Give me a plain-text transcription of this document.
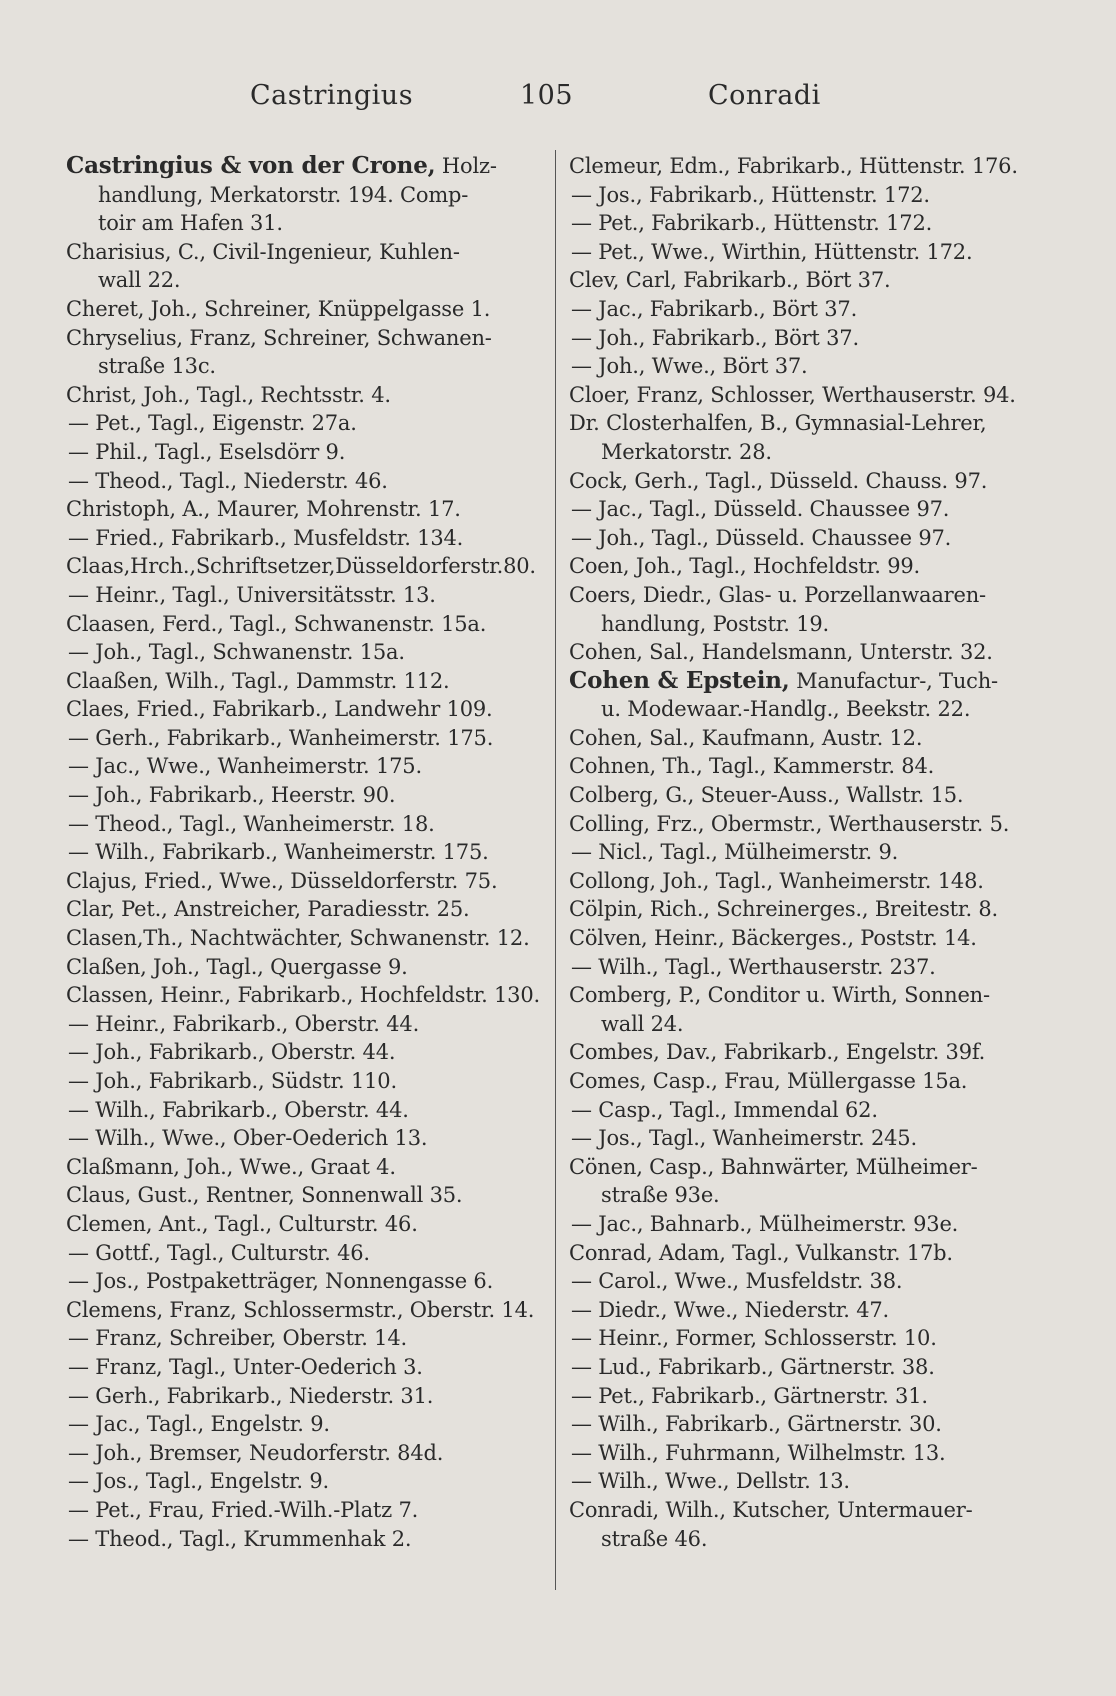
Castringius	105	Conradi
Castringius & von der Crone, Holz-
handlung, Merkatorstr. 194. Comp-
toir am Hafen 31.
Charisius, C., Civil-Ingenieur, Kuhlen-
wall 22.
Cheret, Joh., Schreiner, Knüppelgasse 1.
Chryselius, Franz, Schreiner, Schwanen-
straße 13c.
Christ, Joh., Tagl., Rechtsstr. 4.
— Pet., Tagl., Eigenstr. 27a.
— Phil., Tagl., Eselsdörr 9.
— Theod., Tagl., Niederstr. 46.
Christoph, A., Maurer, Mohrenstr. 17.
— Fried., Fabrikarb., Musfeldstr. 134.
Claas,Hrch.,Schriftsetzer,Düsseldorferstr.80.
— Heinr., Tagl., Universitätsstr. 13.
Claasen, Ferd., Tagl., Schwanenstr. 15a.
— Joh., Tagl., Schwanenstr. 15a.
Claaßen, Wilh., Tagl., Dammstr. 112.
Claes, Fried., Fabrikarb., Landwehr 109.
— Gerh., Fabrikarb., Wanheimerstr. 175.
— Jac., Wwe., Wanheimerstr. 175.
— Joh., Fabrikarb., Heerstr. 90.
— Theod., Tagl., Wanheimerstr. 18.
— Wilh., Fabrikarb., Wanheimerstr. 175.
Clajus, Fried., Wwe., Düsseldorferstr. 75.
Clar, Pet., Anstreicher, Paradiesstr. 25.
Clasen,Th., Nachtwächter, Schwanenstr. 12.
Claßen, Joh., Tagl., Quergasse 9.
Classen, Heinr., Fabrikarb., Hochfeldstr. 130.
— Heinr., Fabrikarb., Oberstr. 44.
— Joh., Fabrikarb., Oberstr. 44.
— Joh., Fabrikarb., Südstr. 110.
— Wilh., Fabrikarb., Oberstr. 44.
— Wilh., Wwe., Ober-Oederich 13.
Claßmann, Joh., Wwe., Graat 4.
Claus, Gust., Rentner, Sonnenwall 35.
Clemen, Ant., Tagl., Culturstr. 46.
— Gottf., Tagl., Culturstr. 46.
— Jos., Postpaketträger, Nonnengasse 6.
Clemens, Franz, Schlossermstr., Oberstr. 14.
— Franz, Schreiber, Oberstr. 14.
— Franz, Tagl., Unter-Oederich 3.
— Gerh., Fabrikarb., Niederstr. 31.
— Jac., Tagl., Engelstr. 9.
— Joh., Bremser, Neudorferstr. 84d.
— Jos., Tagl., Engelstr. 9.
— Pet., Frau, Fried.-Wilh.-Platz 7.
— Theod., Tagl., Krummenhak 2.
Clemeur, Edm., Fabrikarb., Hüttenstr. 176.
— Jos., Fabrikarb., Hüttenstr. 172.
— Pet., Fabrikarb., Hüttenstr. 172.
— Pet., Wwe., Wirthin, Hüttenstr. 172.
Clev, Carl, Fabrikarb., Bört 37.
— Jac., Fabrikarb., Bört 37.
— Joh., Fabrikarb., Bört 37.
— Joh., Wwe., Bört 37.
Cloer, Franz, Schlosser, Werthauserstr. 94.
Dr. Closterhalfen, B., Gymnasial-Lehrer,
Merkatorstr. 28.
Cock, Gerh., Tagl., Düsseld. Chauss. 97.
— Jac., Tagl., Düsseld. Chaussee 97.
— Joh., Tagl., Düsseld. Chaussee 97.
Coen, Joh., Tagl., Hochfeldstr. 99.
Coers, Diedr., Glas- u. Porzellanwaaren-
handlung, Poststr. 19.
Cohen, Sal., Handelsmann, Unterstr. 32.
Cohen & Epstein, Manufactur-, Tuch-
u. Modewaar.-Handlg., Beekstr. 22.
Cohen, Sal., Kaufmann, Austr. 12.
Cohnen, Th., Tagl., Kammerstr. 84.
Colberg, G., Steuer-Auss., Wallstr. 15.
Colling, Frz., Obermstr., Werthauserstr. 5.
— Nicl., Tagl., Mülheimerstr. 9.
Collong, Joh., Tagl., Wanheimerstr. 148.
Cölpin, Rich., Schreinerges., Breitestr. 8.
Cölven, Heinr., Bäckerges., Poststr. 14.
— Wilh., Tagl., Werthauserstr. 237.
Comberg, P., Conditor u. Wirth, Sonnen-
wall 24.
Combes, Dav., Fabrikarb., Engelstr. 39f.
Comes, Casp., Frau, Müllergasse 15a.
— Casp., Tagl., Immendal 62.
— Jos., Tagl., Wanheimerstr. 245.
Cönen, Casp., Bahnwärter, Mülheimer-
straße 93e.
— Jac., Bahnarb., Mülheimerstr. 93e.
Conrad, Adam, Tagl., Vulkanstr. 17b.
— Carol., Wwe., Musfeldstr. 38.
— Diedr., Wwe., Niederstr. 47.
— Heinr., Former, Schlosserstr. 10.
— Lud., Fabrikarb., Gärtnerstr. 38.
— Pet., Fabrikarb., Gärtnerstr. 31.
— Wilh., Fabrikarb., Gärtnerstr. 30.
— Wilh., Fuhrmann, Wilhelmstr. 13.
— Wilh., Wwe., Dellstr. 13.
Conradi, Wilh., Kutscher, Untermauer-
straße 46.
